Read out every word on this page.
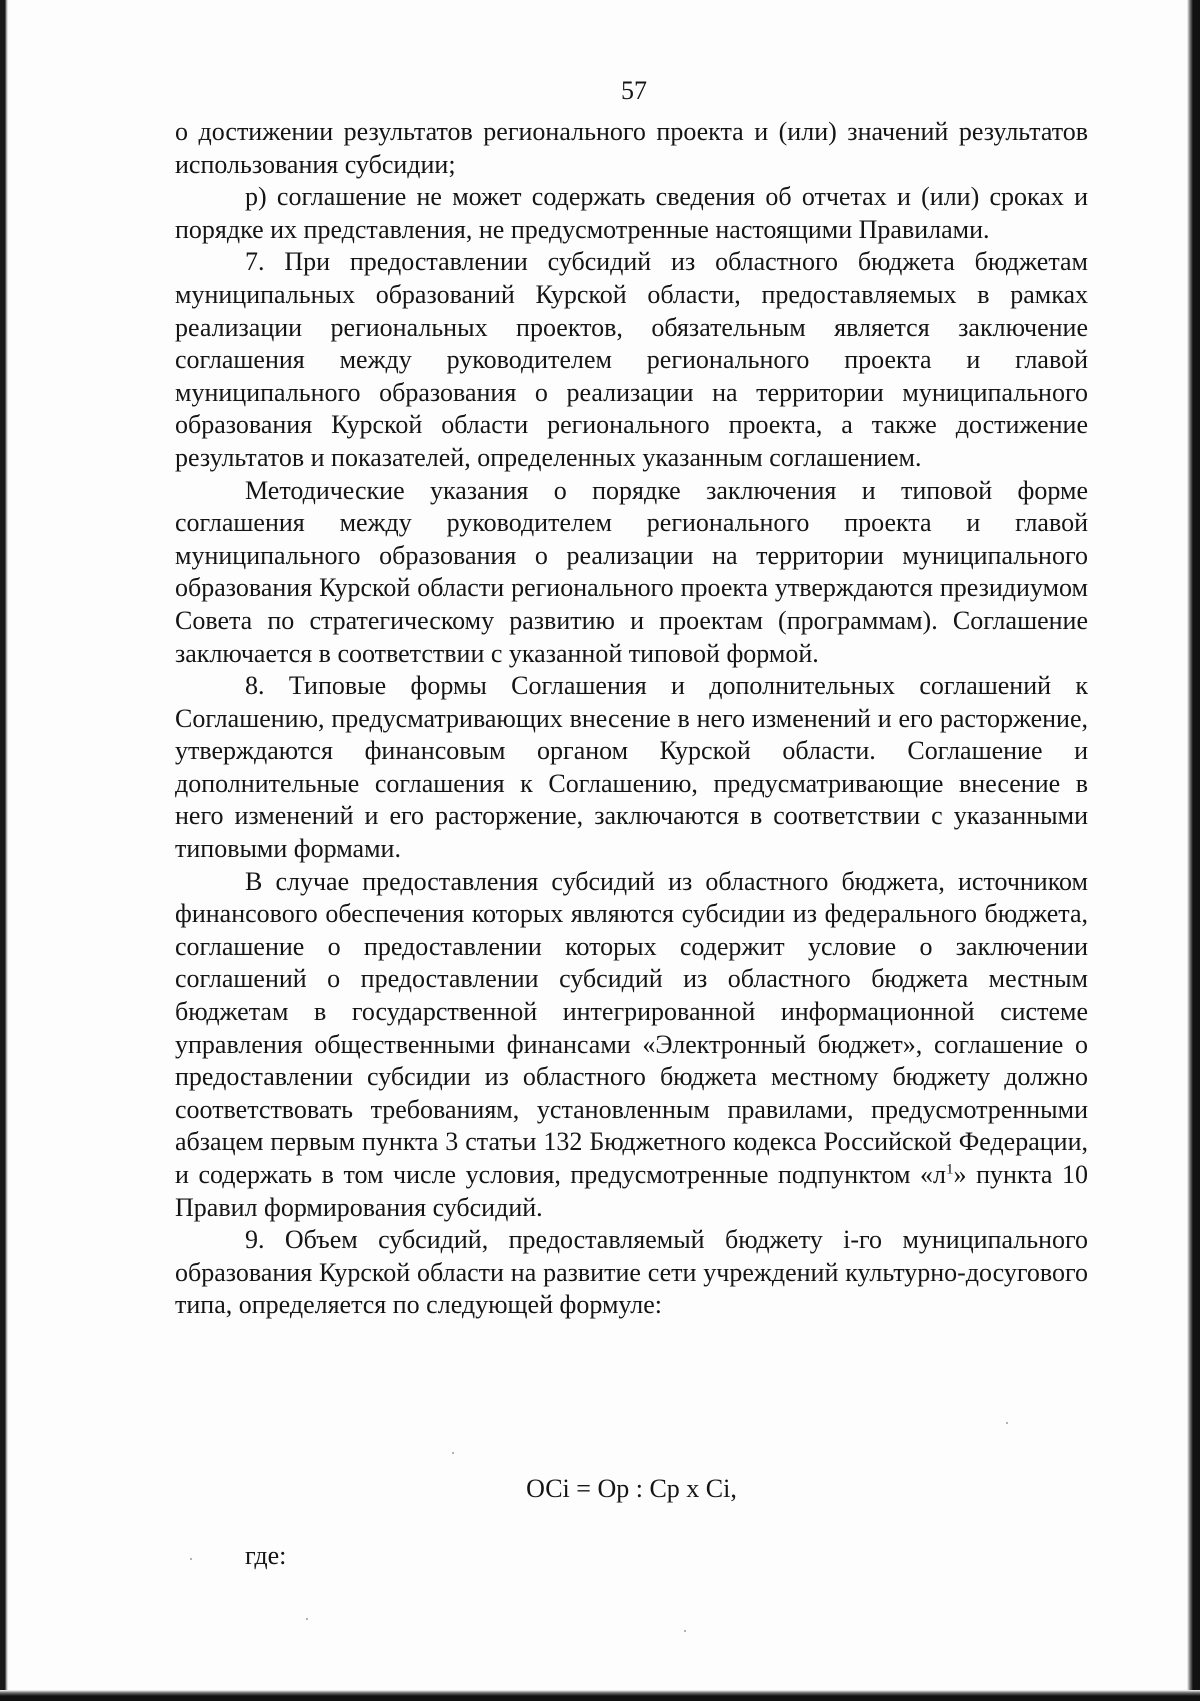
57

о достижении результатов регионального проекта и (или) значений результатов использования субсидии;

р) соглашение не может содержать сведения об отчетах и (или) сроках и порядке их представления, не предусмотренные настоящими Правилами.

7. При предоставлении субсидий из областного бюджета бюджетам муниципальных образований Курской области, предоставляемых в рамках реализации региональных проектов, обязательным является заключение соглашения между руководителем регионального проекта и главой муниципального образования о реализации на территории муниципального образования Курской области регионального проекта, а также достижение результатов и показателей, определенных указанным соглашением.

Методические указания о порядке заключения и типовой форме соглашения между руководителем регионального проекта и главой муниципального образования о реализации на территории муниципального образования Курской области регионального проекта утверждаются президиумом Совета по стратегическому развитию и проектам (программам). Соглашение заключается в соответствии с указанной типовой формой.

8. Типовые формы Соглашения и дополнительных соглашений к Соглашению, предусматривающих внесение в него изменений и его расторжение, утверждаются финансовым органом Курской области. Соглашение и дополнительные соглашения к Соглашению, предусматривающие внесение в него изменений и его расторжение, заключаются в соответствии с указанными типовыми формами.

В случае предоставления субсидий из областного бюджета, источником финансового обеспечения которых являются субсидии из федерального бюджета, соглашение о предоставлении которых содержит условие о заключении соглашений о предоставлении субсидий из областного бюджета местным бюджетам в государственной интегрированной информационной системе управления общественными финансами «Электронный бюджет», соглашение о предоставлении субсидии из областного бюджета местному бюджету должно соответствовать требованиям, установленным правилами, предусмотренными абзацем первым пункта 3 статьи 132 Бюджетного кодекса Российской Федерации, и содержать в том числе условия, предусмотренные подпунктом «$л^1$» пункта 10 Правил формирования субсидий.

9. Объем субсидий, предоставляемый бюджету i-го муниципального образования Курской области на развитие сети учреждений культурно-досугового типа, определяется по следующей формуле:

ОСi = Ор : Ср х Сi,
где:
